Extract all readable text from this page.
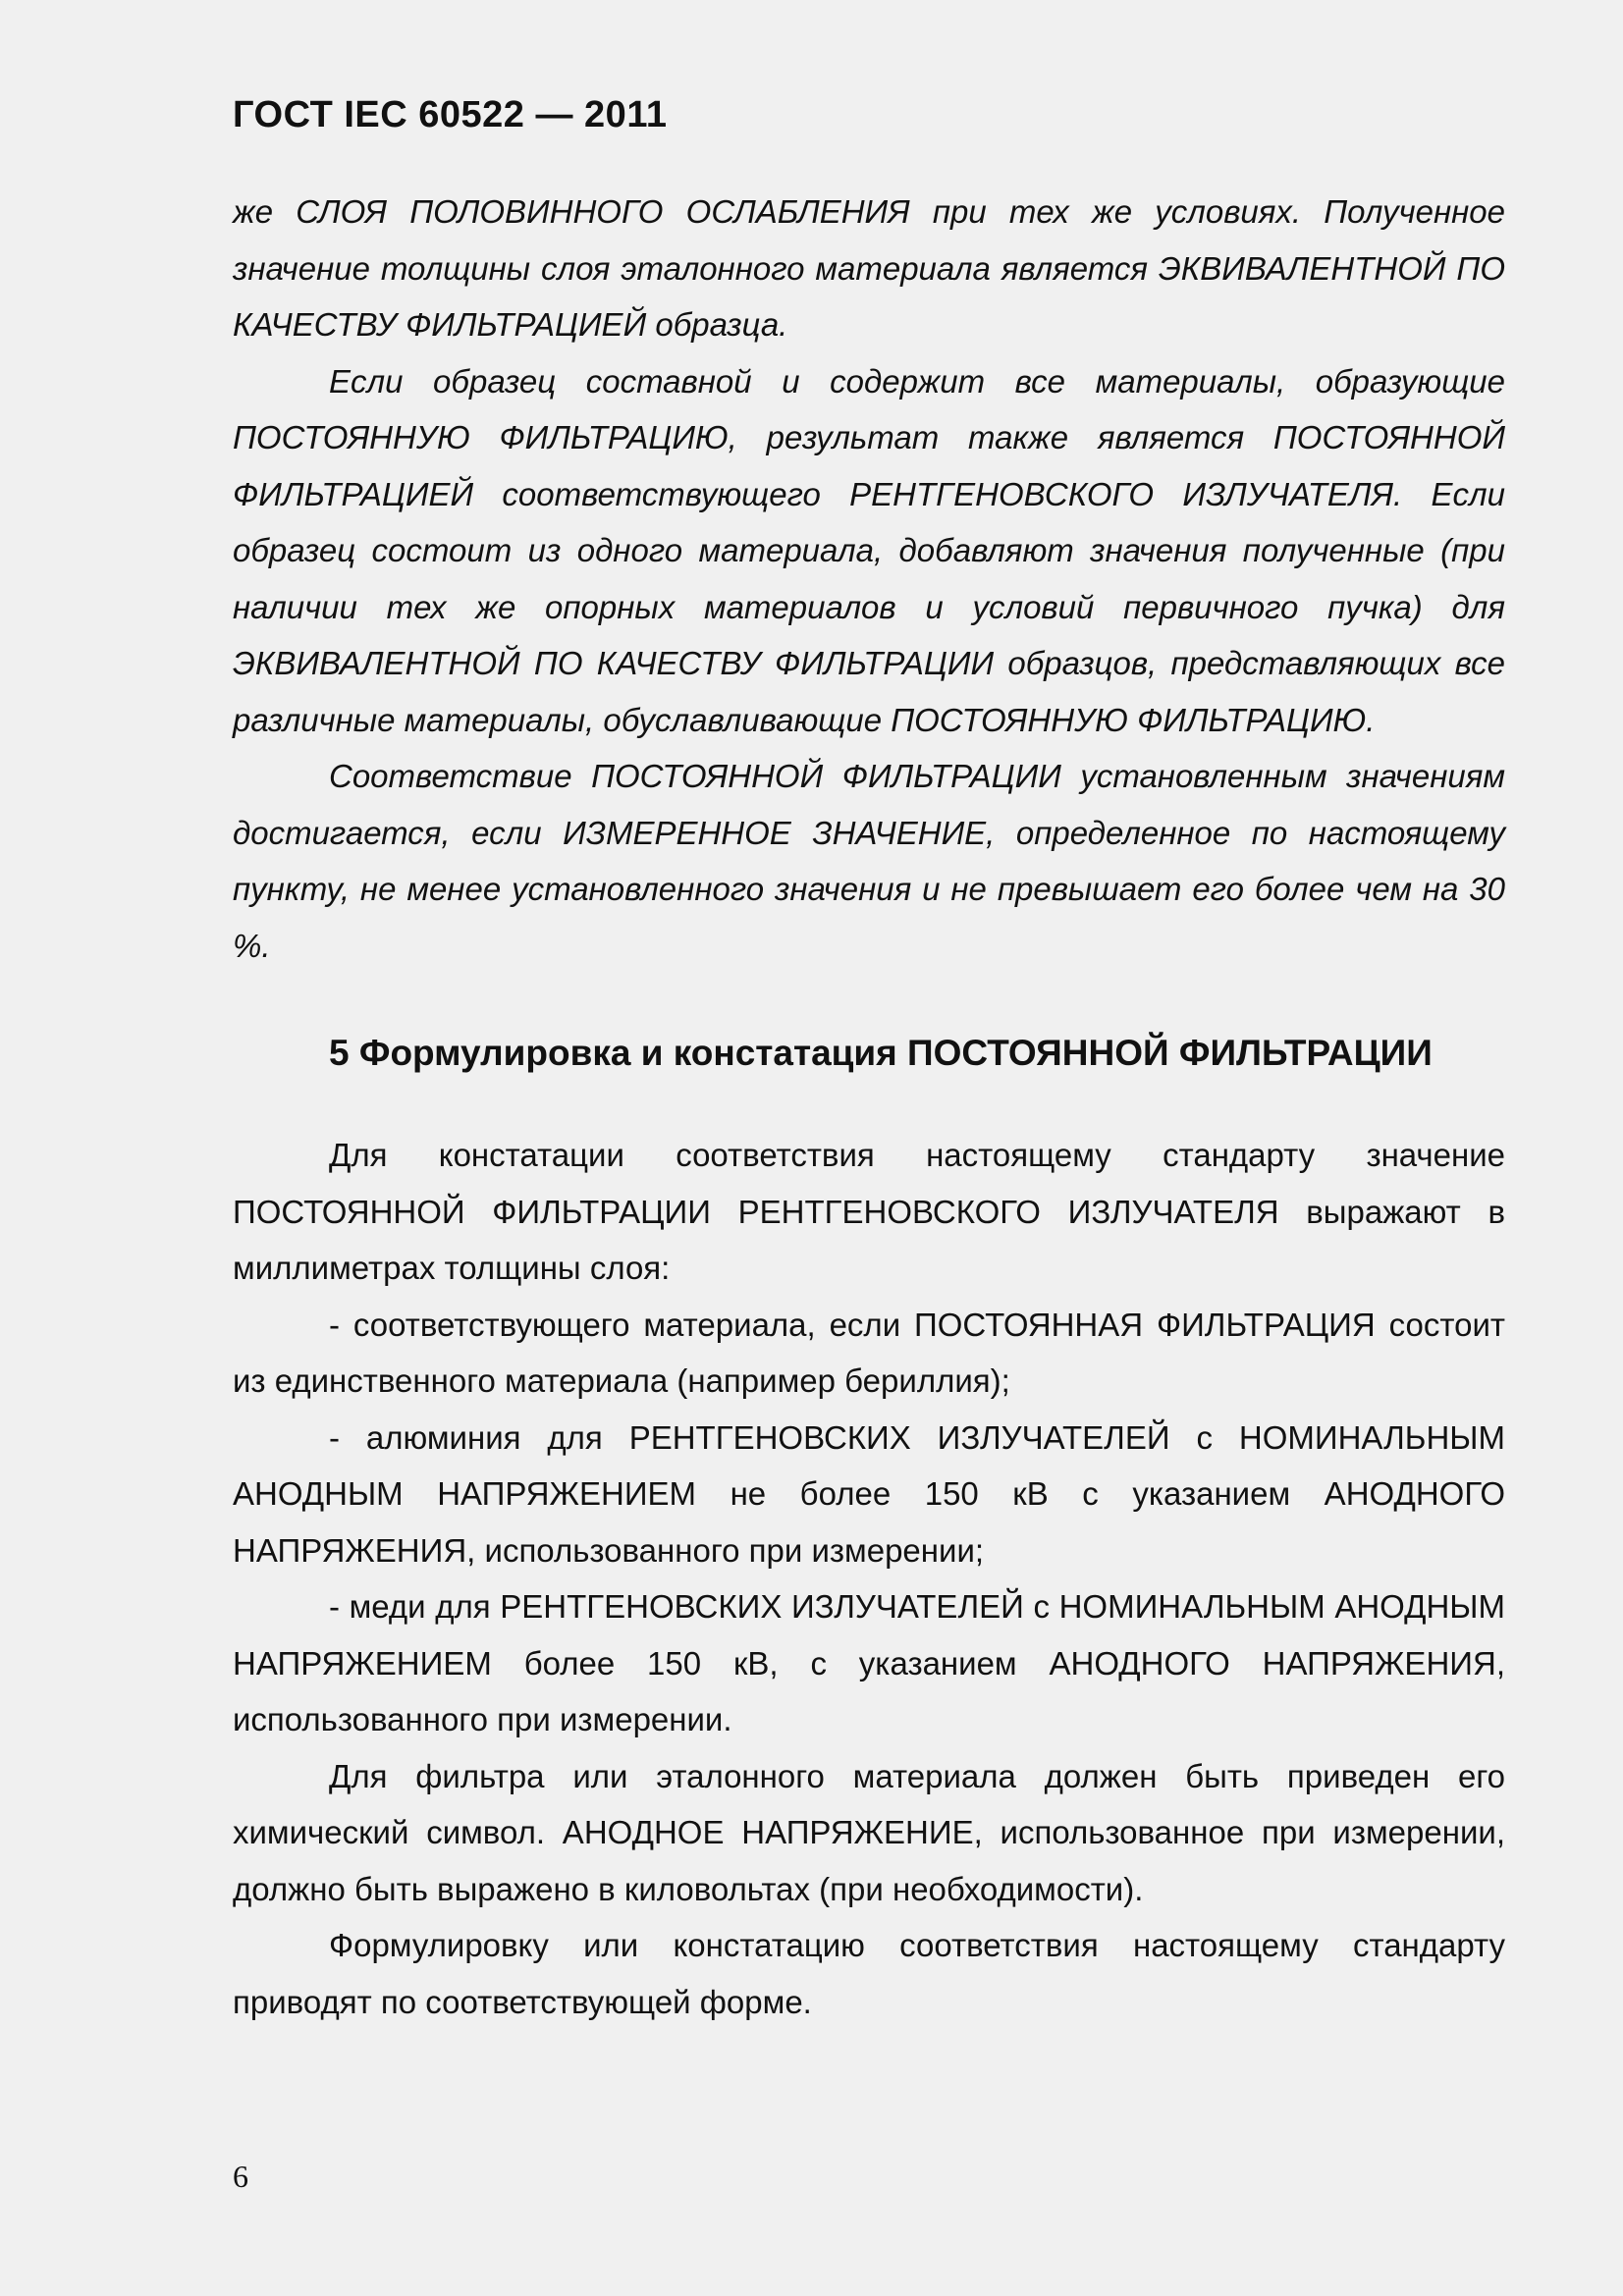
ГОСТ IEC 60522 — 2011

же СЛОЯ ПОЛОВИННОГО ОСЛАБЛЕНИЯ при тех же условиях. Полученное значение толщины слоя эталонного материала является ЭКВИВАЛЕНТНОЙ ПО КАЧЕСТВУ ФИЛЬТРАЦИЕЙ образца.

Если образец составной и содержит все материалы, образующие ПОСТОЯННУЮ ФИЛЬТРАЦИЮ, результат также является ПОСТОЯННОЙ ФИЛЬТРАЦИЕЙ соответствующего РЕНТГЕНОВСКОГО ИЗЛУЧАТЕЛЯ. Если образец состоит из одного материала, добавляют значения полученные (при наличии тех же опорных материалов и условий первичного пучка) для ЭКВИВАЛЕНТНОЙ ПО КАЧЕСТВУ ФИЛЬТРАЦИИ образцов, представляющих все различные материалы, обуславливающие ПОСТОЯННУЮ ФИЛЬТРАЦИЮ.

Соответствие ПОСТОЯННОЙ ФИЛЬТРАЦИИ установленным значениям достигается, если ИЗМЕРЕННОЕ ЗНАЧЕНИЕ, определенное по настоящему пункту, не менее установленного значения и не превышает его более чем на 30 %.

5 Формулировка и констатация ПОСТОЯННОЙ ФИЛЬТРАЦИИ

Для констатации соответствия настоящему стандарту значение ПОСТОЯННОЙ ФИЛЬТРАЦИИ РЕНТГЕНОВСКОГО ИЗЛУЧАТЕЛЯ выражают в миллиметрах толщины слоя:

- соответствующего материала, если ПОСТОЯННАЯ ФИЛЬТРАЦИЯ состоит из единственного материала (например бериллия);

- алюминия для РЕНТГЕНОВСКИХ ИЗЛУЧАТЕЛЕЙ с НОМИНАЛЬНЫМ АНОДНЫМ НАПРЯЖЕНИЕМ не более 150 кВ с указанием АНОДНОГО НАПРЯЖЕНИЯ, использованного при измерении;

- меди для РЕНТГЕНОВСКИХ ИЗЛУЧАТЕЛЕЙ с НОМИНАЛЬНЫМ АНОДНЫМ НАПРЯЖЕНИЕМ более 150 кВ, с указанием АНОДНОГО НАПРЯЖЕНИЯ, использованного при измерении.

Для фильтра или эталонного материала должен быть приведен его химический символ. АНОДНОЕ НАПРЯЖЕНИЕ, использованное при измерении, должно быть выражено в киловольтах (при необходимости).

Формулировку или констатацию соответствия настоящему стандарту приводят по соответствующей форме.

6
